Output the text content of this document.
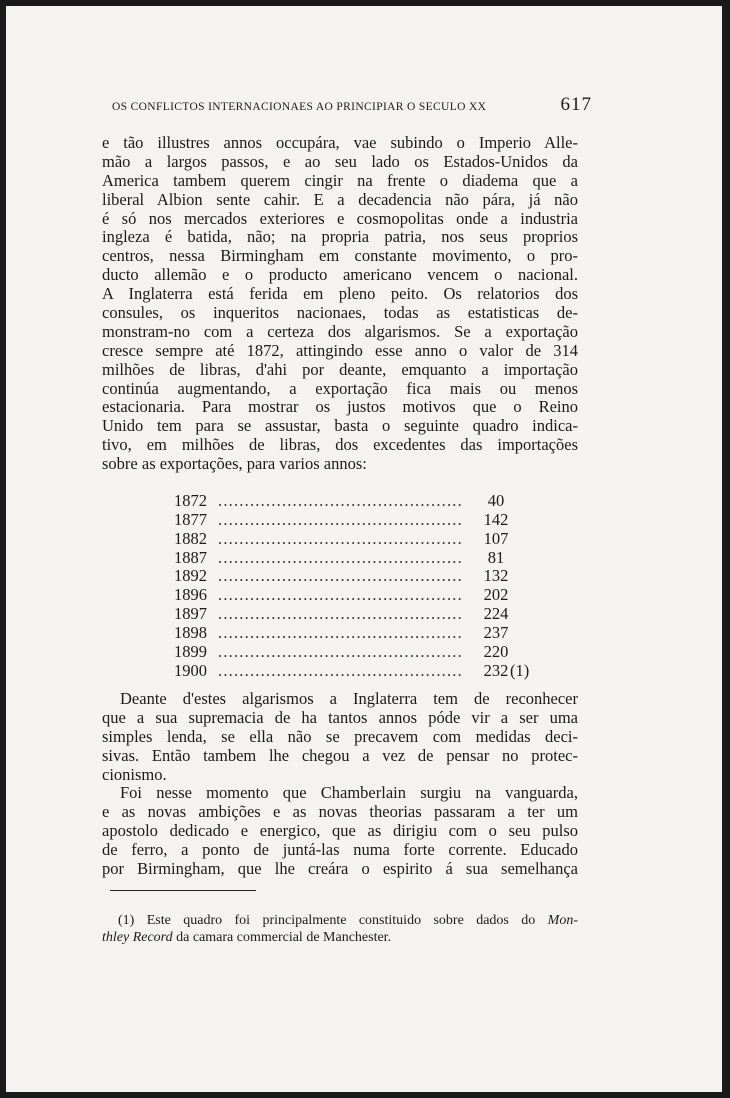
OS CONFLICTOS INTERNACIONAES AO PRINCIPIAR O SECULO XX	617
e tão illustres annos occupára, vae subindo o Imperio Alle-
mão a largos passos, e ao seu lado os Estados-Unidos da
America tambem querem cingir na frente o diadema que a
liberal Albion sente cahir. E a decadencia não pára, já não
é só nos mercados exteriores e cosmopolitas onde a industria
ingleza é batida, não; na propria patria, nos seus proprios
centros, nessa Birmingham em constante movimento, o pro-
ducto allemão e o producto americano vencem o nacional.
A Inglaterra está ferida em pleno peito. Os relatorios dos
consules, os inqueritos nacionaes, todas as estatisticas de-
monstram-no com a certeza dos algarismos. Se a exportação
cresce sempre até 1872, attingindo esse anno o valor de 314
milhões de libras, d'ahi por deante, emquanto a importação
continúa augmentando, a exportação fica mais ou menos
estacionaria. Para mostrar os justos motivos que o Reino
Unido tem para se assustar, basta o seguinte quadro indica-
tivo, em milhões de libras, dos excedentes das importações
sobre as exportações, para varios annos:
1872 ..............................................	40
1877 ..............................................	142
1882 ..............................................	107
1887 ..............................................	81
1892 ..............................................	132
1896 ..............................................	202
1897 ..............................................	224
1898 ..............................................	237
1899 ..............................................	220
1900 ..............................................	232 (1)
Deante d'estes algarismos a Inglaterra tem de reconhecer
que a sua supremacia de ha tantos annos póde vir a ser uma
simples lenda, se ella não se precavem com medidas deci-
sivas. Então tambem lhe chegou a vez de pensar no protec-
cionismo.
Foi nesse momento que Chamberlain surgiu na vanguarda,
e as novas ambições e as novas theorias passaram a ter um
apostolo dedicado e energico, que as dirigiu com o seu pulso
de ferro, a ponto de juntá-las numa forte corrente. Educado
por Birmingham, que lhe creára o espirito á sua semelhança
(1) Este quadro foi principalmente constituido sobre dados do Mon-
thley Record da camara commercial de Manchester.
